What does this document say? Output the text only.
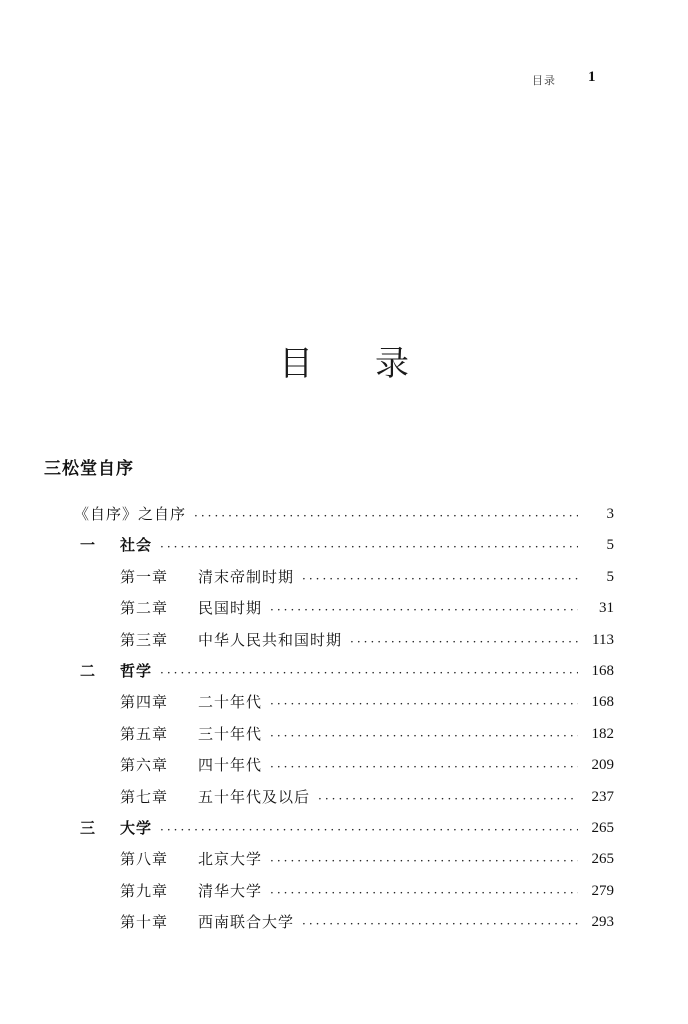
目录 1
目 录
三松堂自序
《自序》之自序 ·····	3
一	社会 ·····	5
第一章	清末帝制时期 ·····	5
第二章	民国时期 ·····	31
第三章	中华人民共和国时期 ·····	113
二	哲学 ·····	168
第四章	二十年代 ·····	168
第五章	三十年代 ·····	182
第六章	四十年代 ·····	209
第七章	五十年代及以后 ·····	237
三	大学 ·····	265
第八章	北京大学 ·····	265
第九章	清华大学 ·····	279
第十章	西南联合大学 ·····	293
